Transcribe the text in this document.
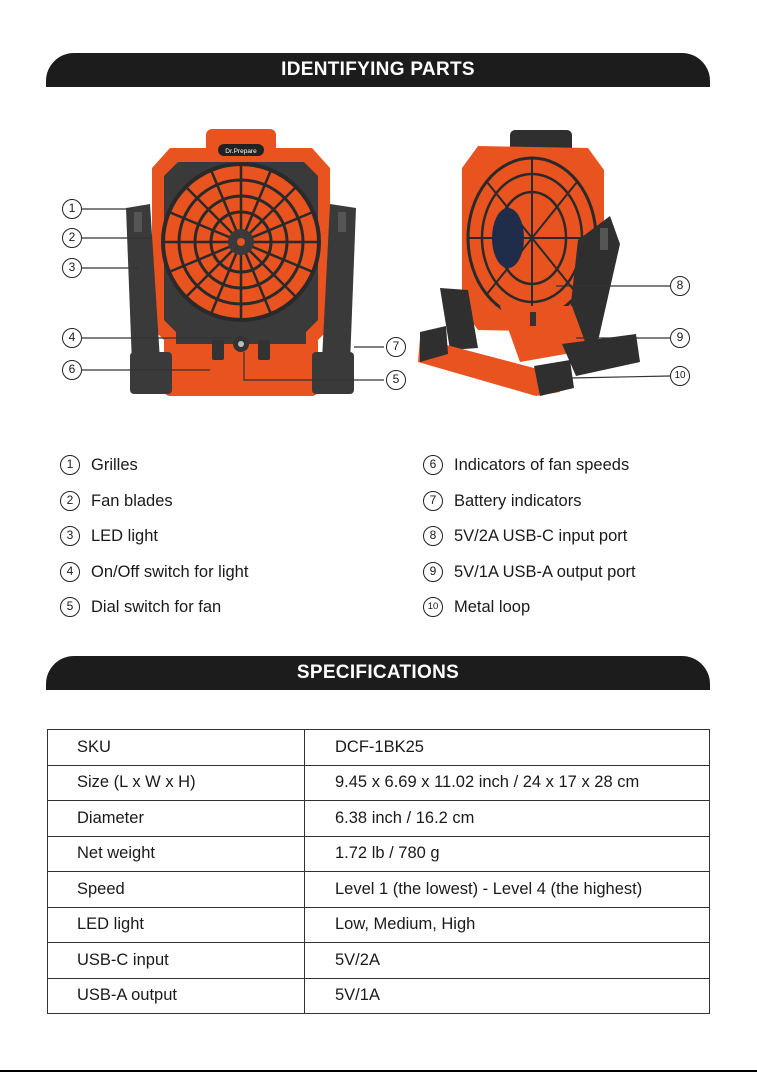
IDENTIFYING PARTS
Dr.Prepare
1
2
3
4
5
6
7
8
9
10
1	Grilles
2	Fan blades
3	LED light
4	On/Off switch for light
5	Dial switch for fan
6	Indicators of fan speeds
7	Battery indicators
8	5V/2A USB-C input port
9	5V/1A USB-A output port
10 Metal loop
SPECIFICATIONS
SKU	DCF-1BK25
Size (L x W x H)	9.45 x 6.69 x 11.02 inch / 24 x 17 x 28 cm
Diameter	6.38 inch / 16.2 cm
Net weight	1.72 lb / 780 g
Speed	Level 1 (the lowest) - Level 4 (the highest)
LED light	Low, Medium, High
USB-C input	5V/2A
USB-A output	5V/1A
